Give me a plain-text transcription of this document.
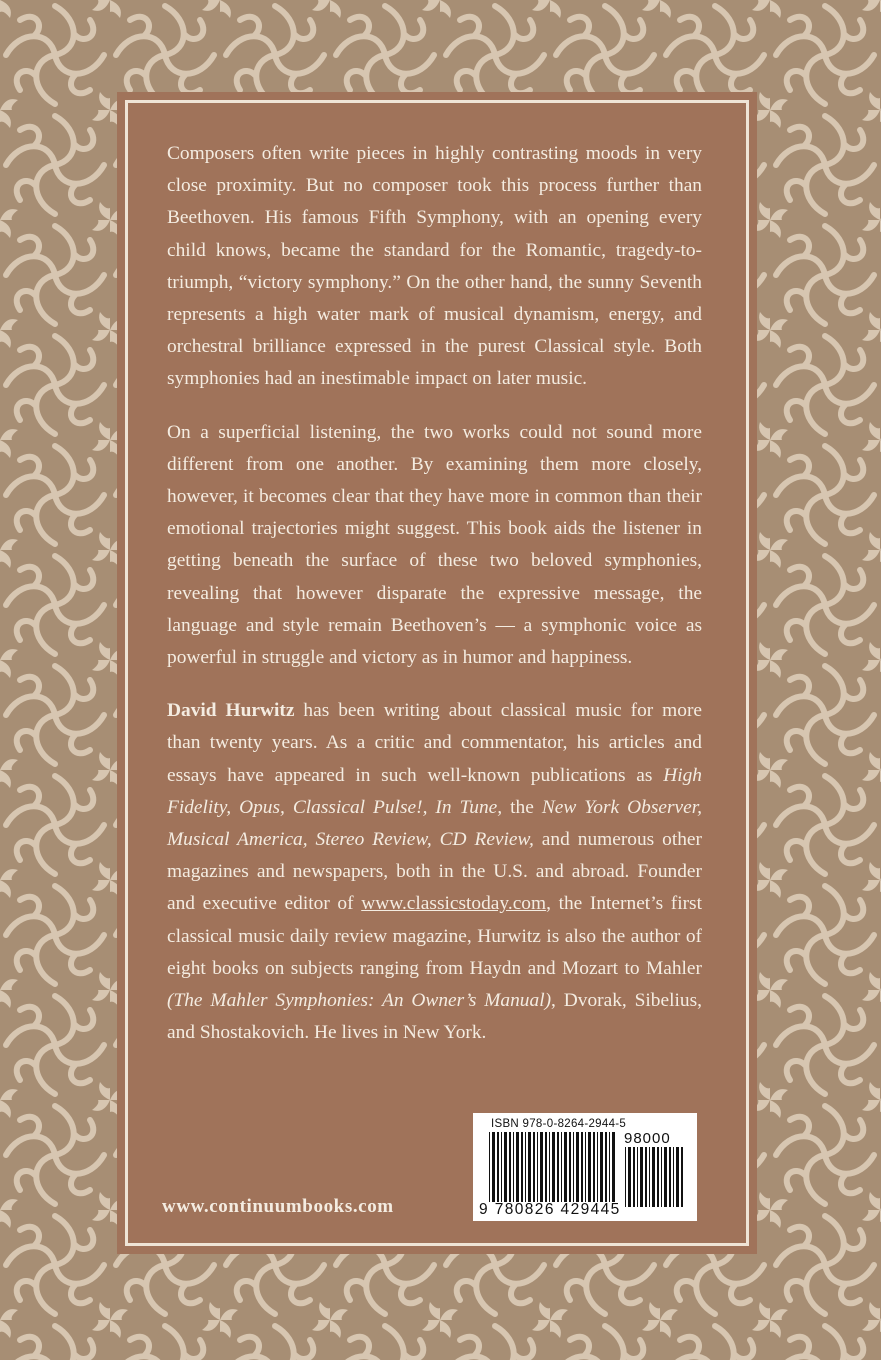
Composers often write pieces in highly contrasting moods in very close proximity. But no composer took this process further than Beethoven. His famous Fifth Symphony, with an opening every child knows, became the standard for the Romantic, tragedy-to-triumph, “victory symphony.” On the other hand, the sunny Seventh represents a high water mark of musical dynamism, energy, and orchestral brilliance expressed in the purest Classical style. Both symphonies had an inestimable impact on later music.

On a superficial listening, the two works could not sound more different from one another. By examining them more closely, however, it becomes clear that they have more in common than their emotional trajectories might suggest. This book aids the listener in getting beneath the surface of these two beloved symphonies, revealing that however disparate the expressive message, the language and style remain Beethoven’s — a symphonic voice as powerful in struggle and victory as in humor and happiness.

David Hurwitz has been writing about classical music for more than twenty years. As a critic and commentator, his articles and essays have appeared in such well-known publications as High Fidelity, Opus, Classical Pulse!, In Tune, the New York Observer, Musical America, Stereo Review, CD Review, and numerous other magazines and newspapers, both in the U.S. and abroad. Founder and executive editor of www.classicstoday.com, the Internet’s first classical music daily review magazine, Hurwitz is also the author of eight books on subjects ranging from Haydn and Mozart to Mahler (The Mahler Symphonies: An Owner’s Manual), Dvorak, Sibelius, and Shostakovich. He lives in New York.

www.continuumbooks.com
ISBN 978-0-8264-2944-5
98000
9 780826 429445
